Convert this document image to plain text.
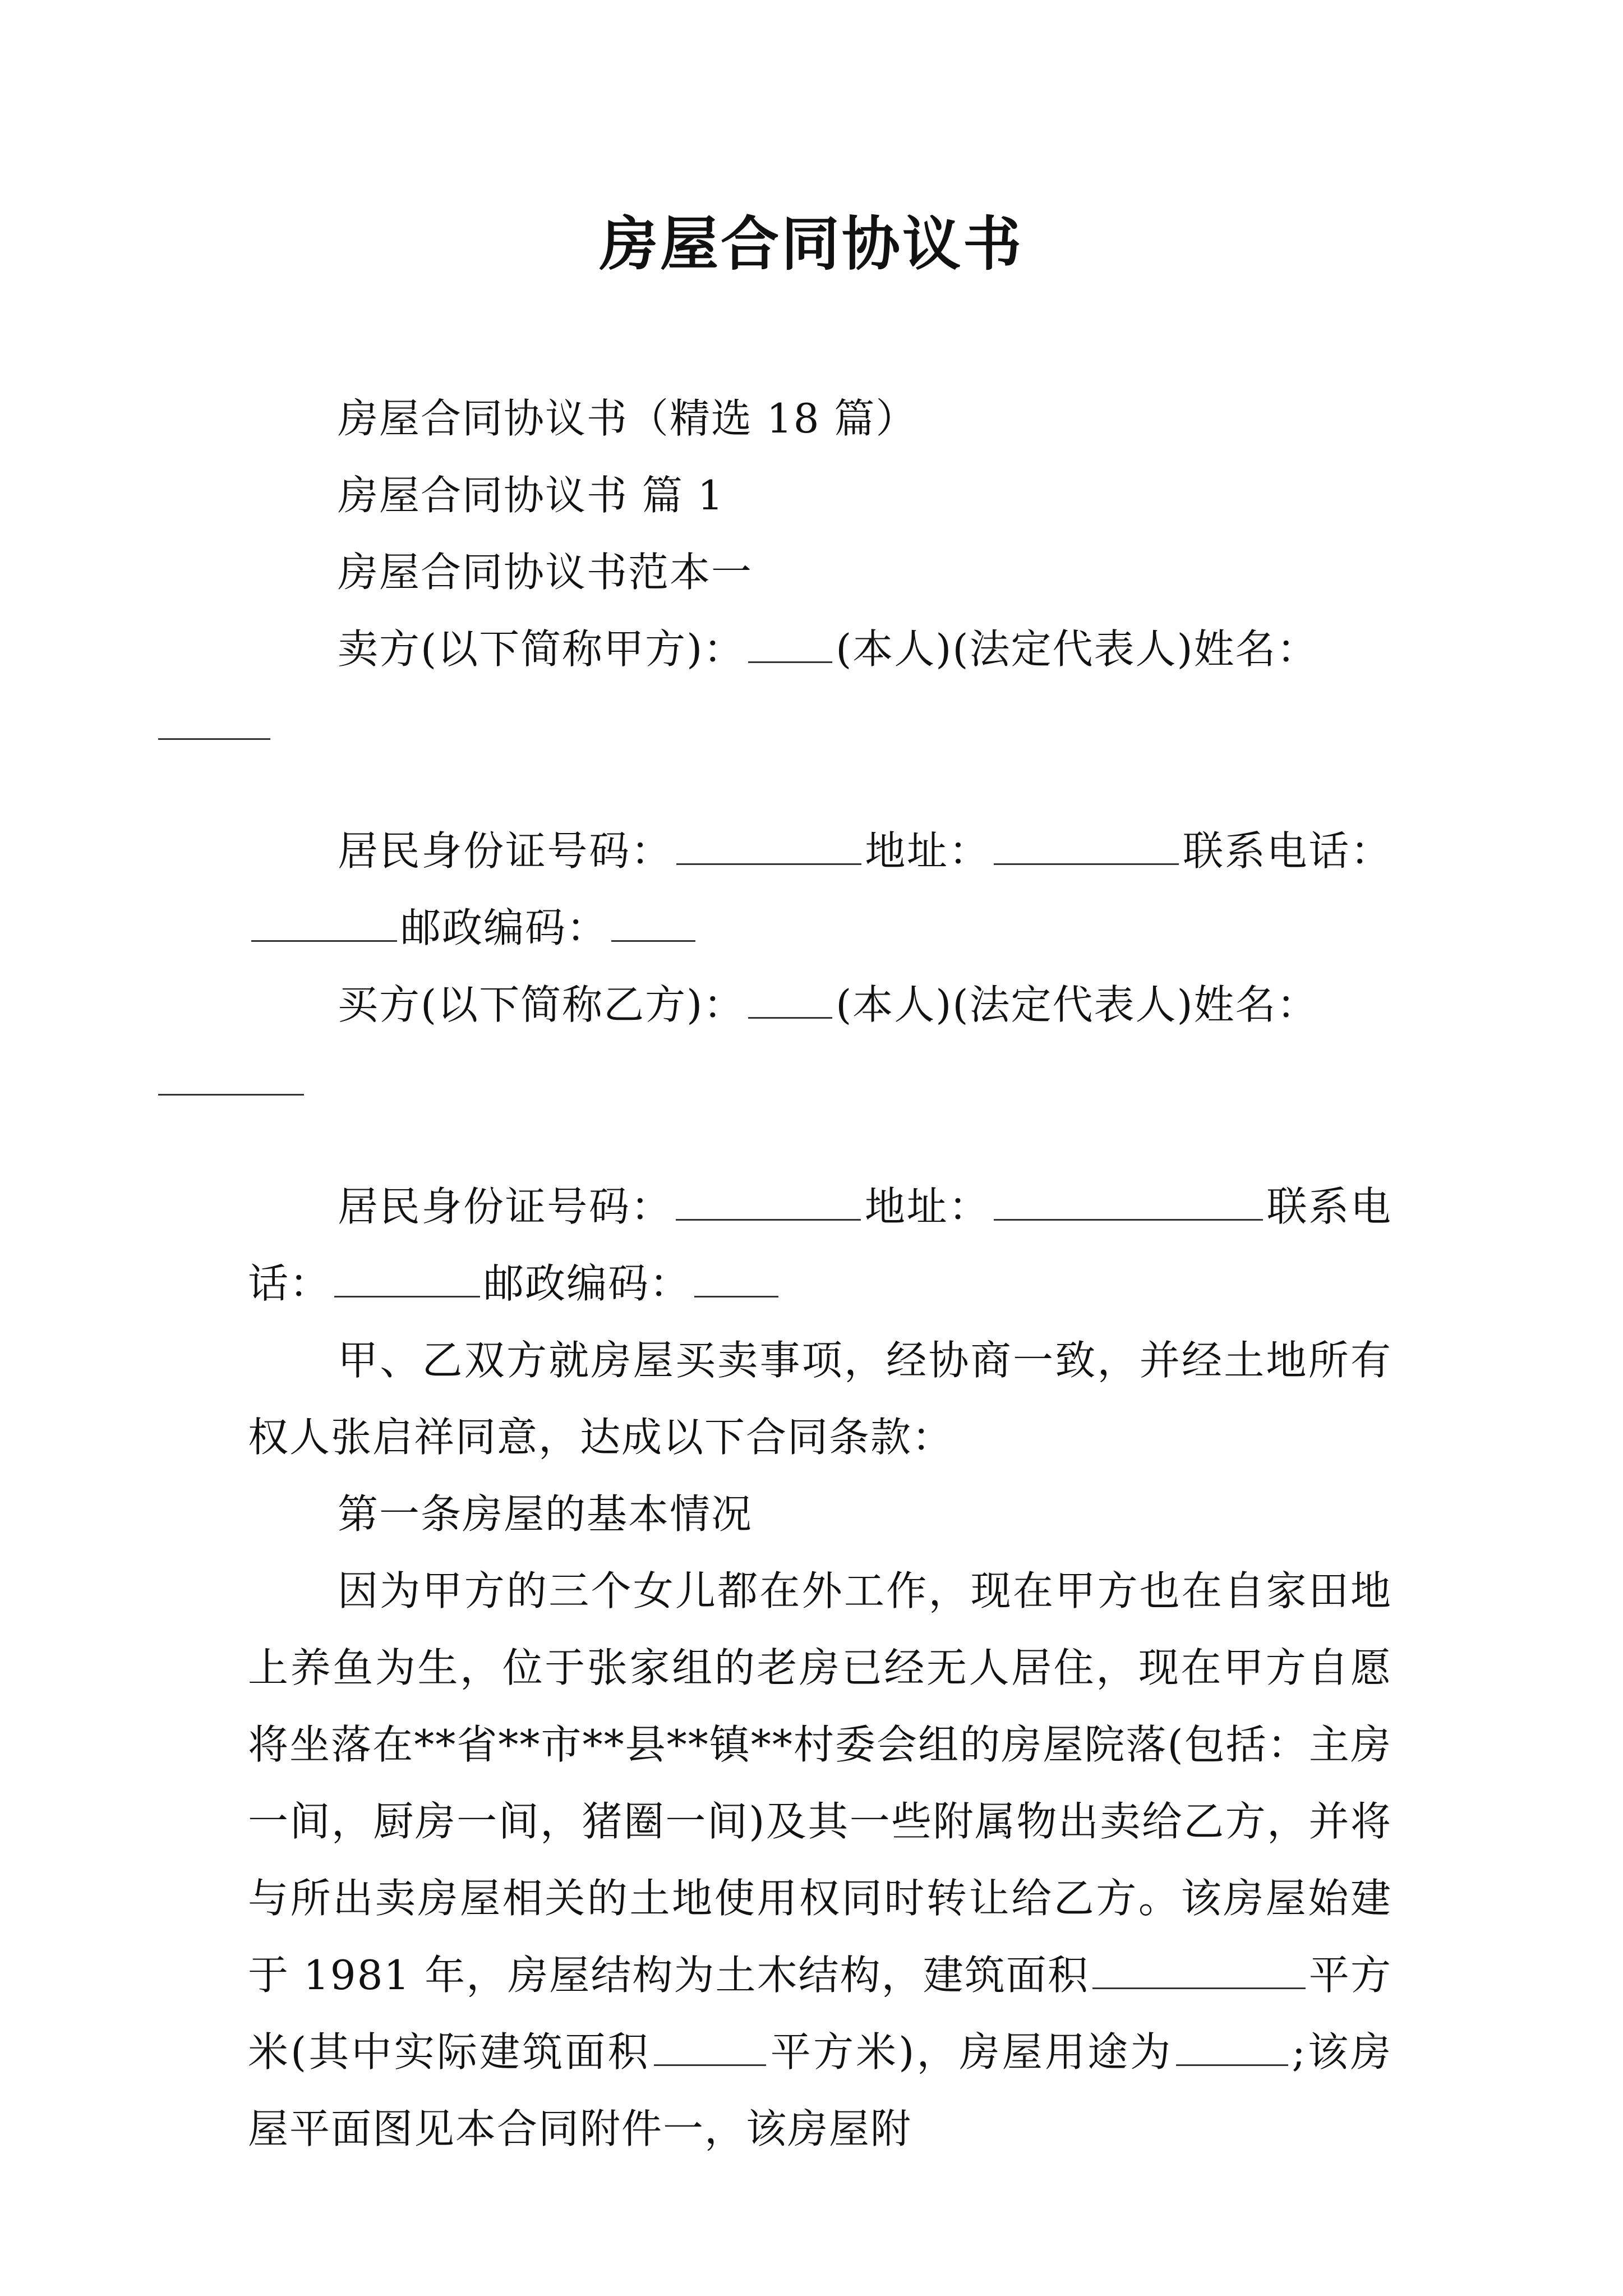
房屋合同协议书

房屋合同协议书（精选 18 篇）

房屋合同协议书 篇 1

房屋合同协议书范本一

卖方(以下简称甲方)： (本人)(法定代表人)姓名：

居民身份证号码：	地址：	联系电话：邮政编码：

买方(以下简称乙方)： (本人)(法定代表人)姓名：

居民身份证号码：	地址：	联系电话：	邮政编码：

甲、乙双方就房屋买卖事项，经协商一致，并经土地所有权人张启祥同意，达成以下合同条款：

第一条房屋的基本情况

因为甲方的三个女儿都在外工作，现在甲方也在自家田地上养鱼为生，位于张家组的老房已经无人居住，现在甲方自愿将坐落在**省**市**县**镇**村委会组的房屋院落(包括：主房一间，厨房一间，猪圈一间)及其一些附属物出卖给乙方，并将与所出卖房屋相关的土地使用权同时转让给乙方。该房屋始建于 1981 年，房屋结构为土木结构，建筑面积	平方米(其中实际建筑面积	平方米)，房屋用途为	;该房屋平面图见本合同附件一，该房屋附
